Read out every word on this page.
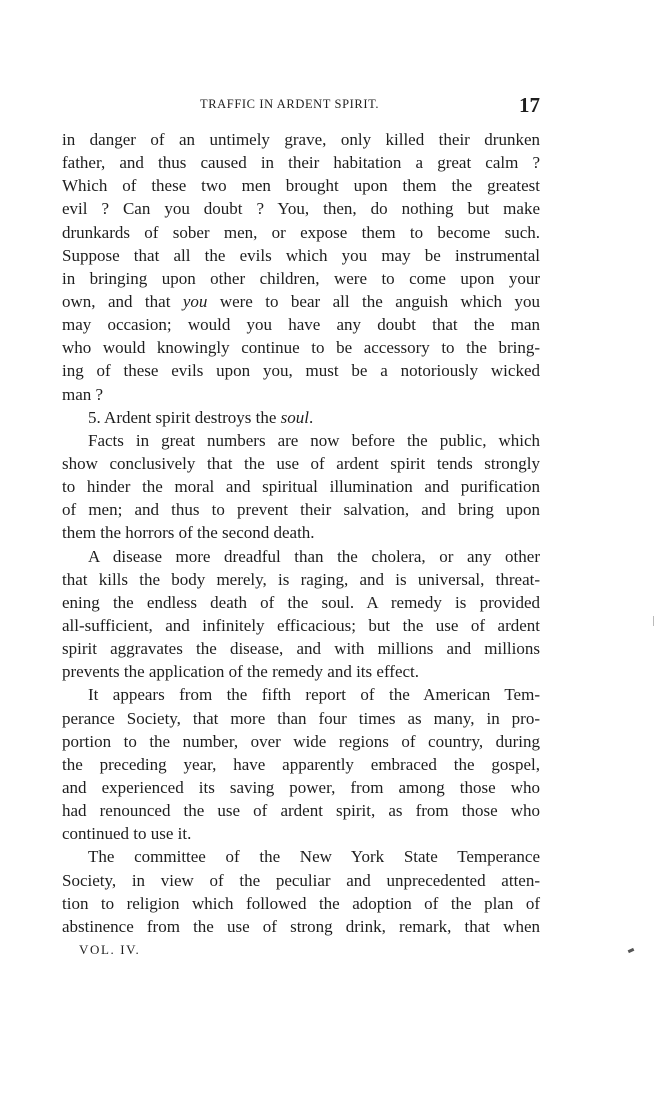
TRAFFIC IN ARDENT SPIRIT.	17
in danger of an untimely grave, only killed their drunken
father, and thus caused in their habitation a great calm ?
Which of these two men brought upon them the greatest
evil ? Can you doubt ? You, then, do nothing but make
drunkards of sober men, or expose them to become such.
Suppose that all the evils which you may be instrumental
in bringing upon other children, were to come upon your
own, and that you were to bear all the anguish which you
may occasion; would you have any doubt that the man
who would knowingly continue to be accessory to the bring-
ing of these evils upon you, must be a notoriously wicked
man ?
5. Ardent spirit destroys the soul.
Facts in great numbers are now before the public, which
show conclusively that the use of ardent spirit tends strongly
to hinder the moral and spiritual illumination and purification
of men; and thus to prevent their salvation, and bring upon
them the horrors of the second death.
A disease more dreadful than the cholera, or any other
that kills the body merely, is raging, and is universal, threat-
ening the endless death of the soul. A remedy is provided
all-sufficient, and infinitely efficacious; but the use of ardent
spirit aggravates the disease, and with millions and millions
prevents the application of the remedy and its effect.
It appears from the fifth report of the American Tem-
perance Society, that more than four times as many, in pro-
portion to the number, over wide regions of country, during
the preceding year, have apparently embraced the gospel,
and experienced its saving power, from among those who
had renounced the use of ardent spirit, as from those who
continued to use it.
The committee of the New York State Temperance
Society, in view of the peculiar and unprecedented atten-
tion to religion which followed the adoption of the plan of
abstinence from the use of strong drink, remark, that when
VOL. IV.
